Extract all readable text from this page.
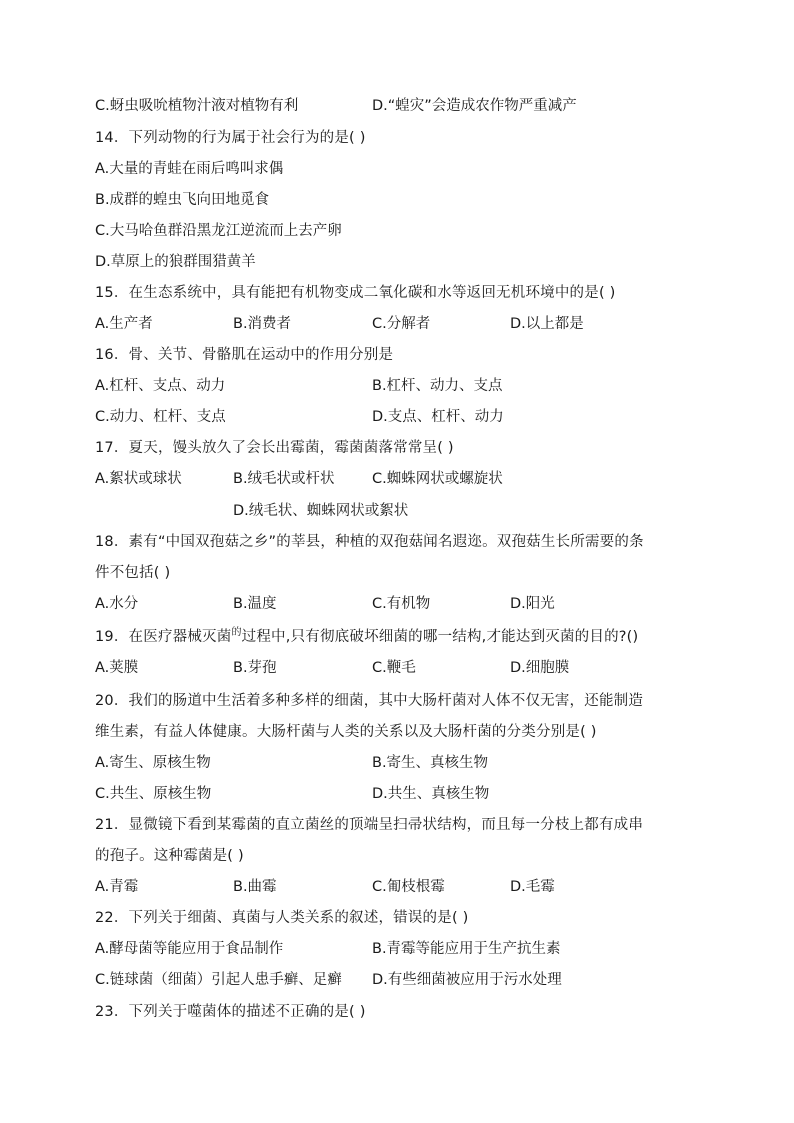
C.蚜虫吸吮植物汁液对植物有利	D.“蝗灾”会造成农作物严重减产
14．下列动物的行为属于社会行为的是( )
A.大量的青蛙在雨后鸣叫求偶
B.成群的蝗虫飞向田地觅食
C.大马哈鱼群沿黑龙江逆流而上去产卵
D.草原上的狼群围猎黄羊
15．在生态系统中，具有能把有机物变成二氧化碳和水等返回无机环境中的是( )
A.生产者	B.消费者	C.分解者	D.以上都是
16．骨、关节、骨骼肌在运动中的作用分别是
A.杠杆、支点、动力	B.杠杆、动力、支点
C.动力、杠杆、支点	D.支点、杠杆、动力
17．夏天，馒头放久了会长出霉菌，霉菌菌落常常呈( )
A.絮状或球状	B.绒毛状或杆状	C.蜘蛛网状或螺旋状
D.绒毛状、蜘蛛网状或絮状
18．素有“中国双孢菇之乡”的莘县，种植的双孢菇闻名遐迩。双孢菇生长所需要的条
件不包括( )
A.水分	B.温度	C.有机物	D.阳光
19．在医疗器械灭菌$^的$过程中,只有彻底破坏细菌的哪一结构,才能达到灭菌的目的?()
A.荚膜	B.芽孢	C.鞭毛	D.细胞膜
20．我们的肠道中生活着多种多样的细菌，其中大肠杆菌对人体不仅无害，还能制造
维生素，有益人体健康。大肠杆菌与人类的关系以及大肠杆菌的分类分别是( )
A.寄生、原核生物	B.寄生、真核生物
C.共生、原核生物	D.共生、真核生物
21．显微镜下看到某霉菌的直立菌丝的顶端呈扫帚状结构，而且每一分枝上都有成串
的孢子。这种霉菌是( )
A.青霉	B.曲霉	C.匍枝根霉	D.毛霉
22．下列关于细菌、真菌与人类关系的叙述，错误的是( )
A.酵母菌等能应用于食品制作	B.青霉等能应用于生产抗生素
C.链球菌（细菌）引起人患手癣、足癣 D.有些细菌被应用于污水处理
23．下列关于噬菌体的描述不正确的是( )
